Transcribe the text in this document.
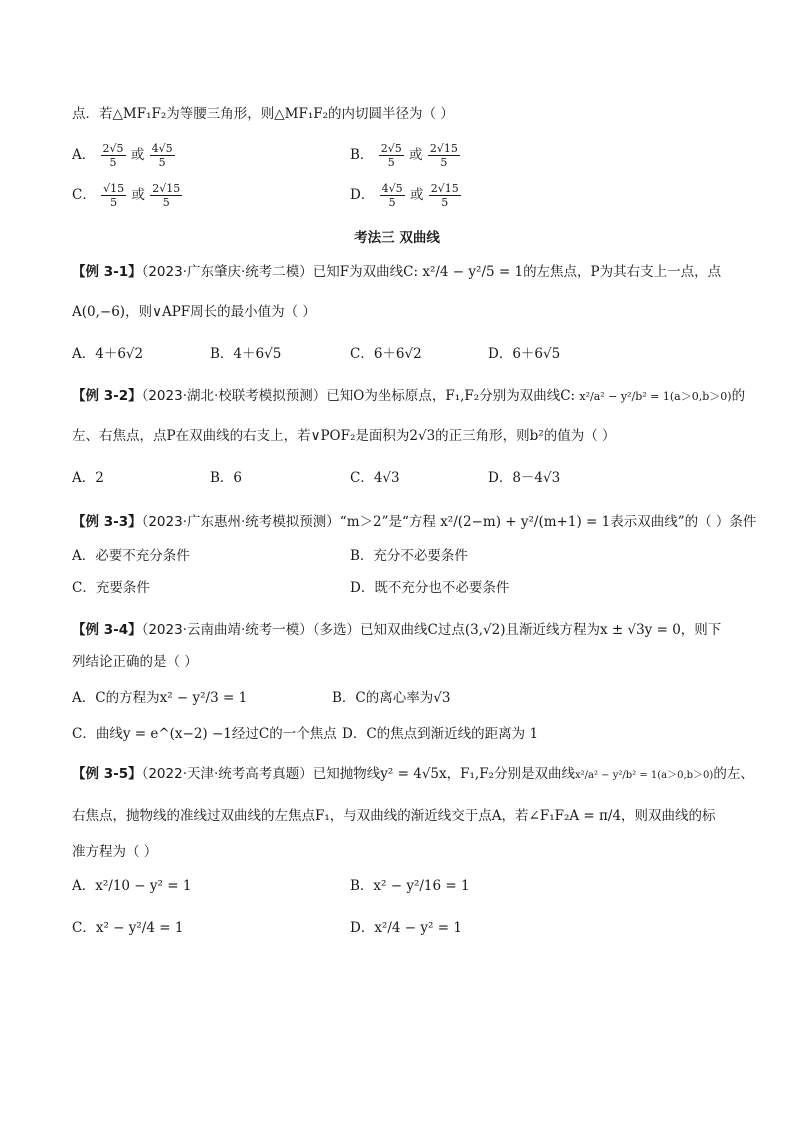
点．若△MF₁F₂为等腰三角形，则△MF₁F₂的内切圆半径为（ ）
A． $\frac{2√5}{5}$ 或 $\frac{4√5}{5}$	B． $\frac{2√5}{5}$ 或 $\frac{2√15}{5}$
C． $\frac{√15}{5}$ 或 $\frac{2√15}{5}$	D． $\frac{4√5}{5}$ 或 $\frac{2√15}{5}$
考法三 双曲线
【例 3-1】（2023·广东肇庆·统考二模）已知F为双曲线C: x²/4 − y²/5 = 1的左焦点，P为其右支上一点，点
A(0,−6)，则∨APF周长的最小值为（ ）
A．4＋6√2	B．4＋6√5	C．6＋6√2	D．6＋6√5
【例 3-2】（2023·湖北·校联考模拟预测）已知O为坐标原点，F₁,F₂分别为双曲线C: x²/a² − y²/b² = 1(a＞0,b＞0)的
左、右焦点，点P在双曲线的右支上，若∨POF₂是面积为2√3的正三角形，则b²的值为（ ）
A．2	B．6	C．4√3	D．8－4√3
【例 3-3】（2023·广东惠州·统考模拟预测）“m＞2”是“方程 x²/(2−m) + y²/(m+1) = 1表示双曲线”的（ ）条件
A．必要不充分条件	B．充分不必要条件
C．充要条件	D．既不充分也不必要条件
【例 3-4】（2023·云南曲靖·统考一模）（多选）已知双曲线C过点(3,√2)且渐近线方程为x ± √3y = 0，则下
列结论正确的是（ ）
A．C的方程为x² − y²/3 = 1	B．C的离心率为√3
C．曲线y = e^(x−2) −1经过C的一个焦点 D．C的焦点到渐近线的距离为 1
【例 3-5】（2022·天津·统考高考真题）已知抛物线y² = 4√5x，F₁,F₂分别是双曲线x²/a² − y²/b² = 1(a＞0,b＞0)的左、
右焦点，抛物线的准线过双曲线的左焦点F₁，与双曲线的渐近线交于点A，若∠F₁F₂A = π/4，则双曲线的标
准方程为（ ）
A．x²/10 − y² = 1	B．x² − y²/16 = 1
C．x² − y²/4 = 1	D．x²/4 − y² = 1
